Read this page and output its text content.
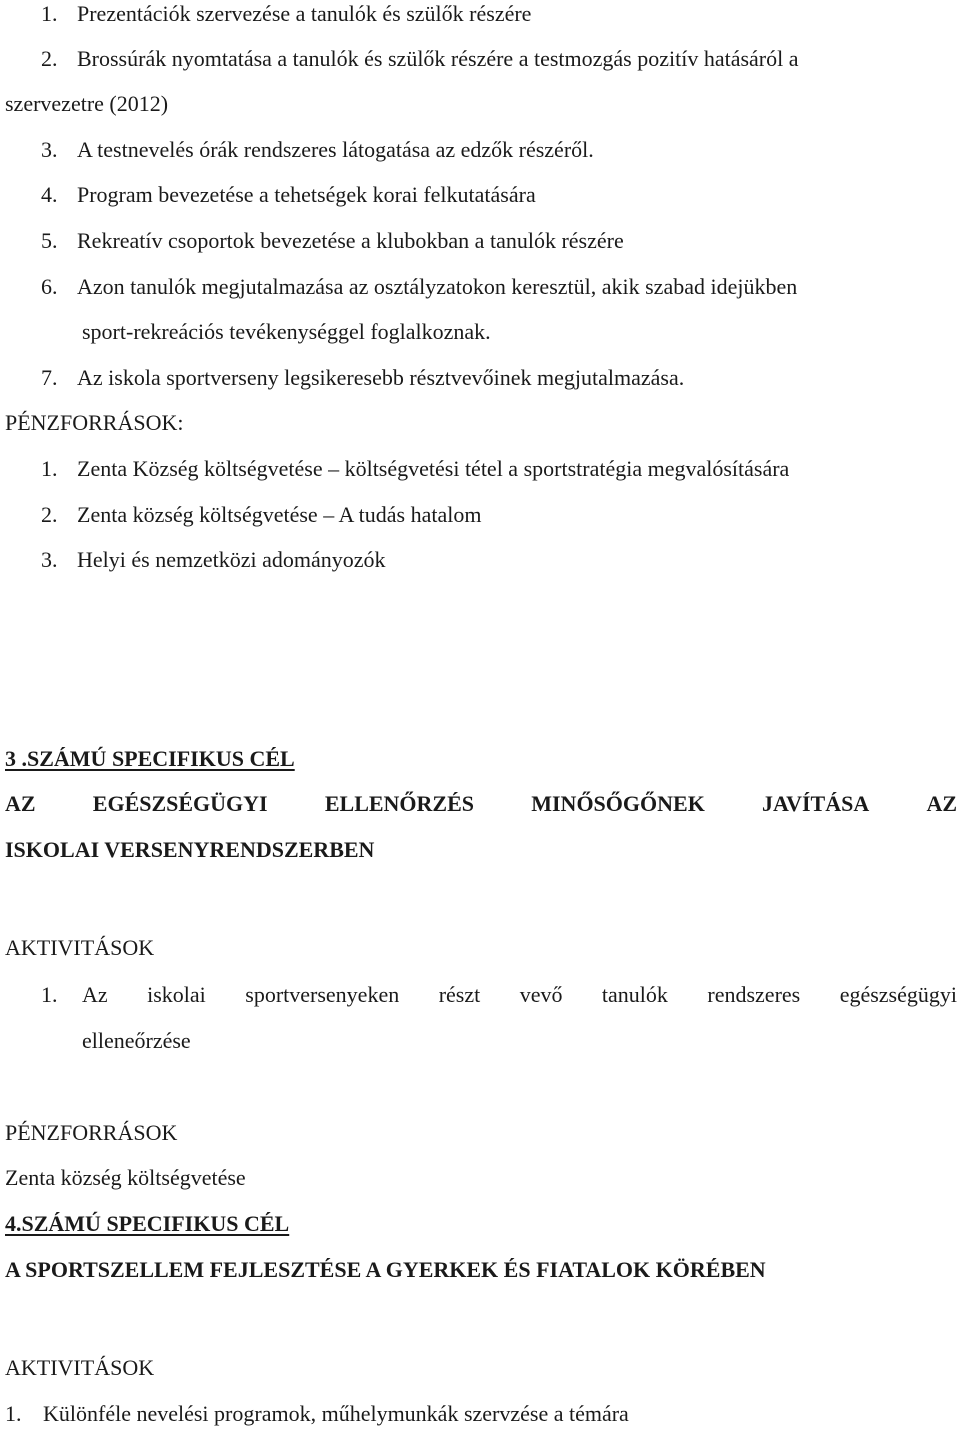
1. Prezentációk szervezése a tanulók és szülők részére
2. Brossúrák nyomtatása a tanulók és szülők részére a testmozgás pozitív hatásáról a
szervezetre (2012)
3. A testnevelés órák rendszeres látogatása az edzők részéről.
4. Program bevezetése a tehetségek korai felkutatására
5. Rekreatív csoportok bevezetése a klubokban a tanulók részére
6. Azon tanulók megjutalmazása az osztályzatokon keresztül, akik szabad idejükben
sport-rekreációs tevékenységgel foglalkoznak.
7. Az iskola sportverseny legsikeresebb résztvevőinek megjutalmazása.
PÉNZFORRÁSOK:
1. Zenta Község költségvetése – költségvetési tétel a sportstratégia megvalósítására
2. Zenta község költségvetése – A tudás hatalom
3. Helyi és nemzetközi adományozók
3 .SZÁMÚ SPECIFIKUS CÉL
AZ	EGÉSZSÉGÜGYI	ELLENŐRZÉS	MINŐSŐGŐNEK	JAVÍTÁSA	AZ
ISKOLAI VERSENYRENDSZERBEN
AKTIVITÁSOK
1. Az iskolai sportversenyeken részt vevő tanulók rendszeres egészségügyi
elleneőrzése
PÉNZFORRÁSOK
Zenta község költségvetése
4.SZÁMÚ SPECIFIKUS CÉL
A SPORTSZELLEM FEJLESZTÉSE A GYERKEK ÉS FIATALOK KÖRÉBEN
AKTIVITÁSOK
1. Különféle nevelési programok, műhelymunkák szervzése a témára
